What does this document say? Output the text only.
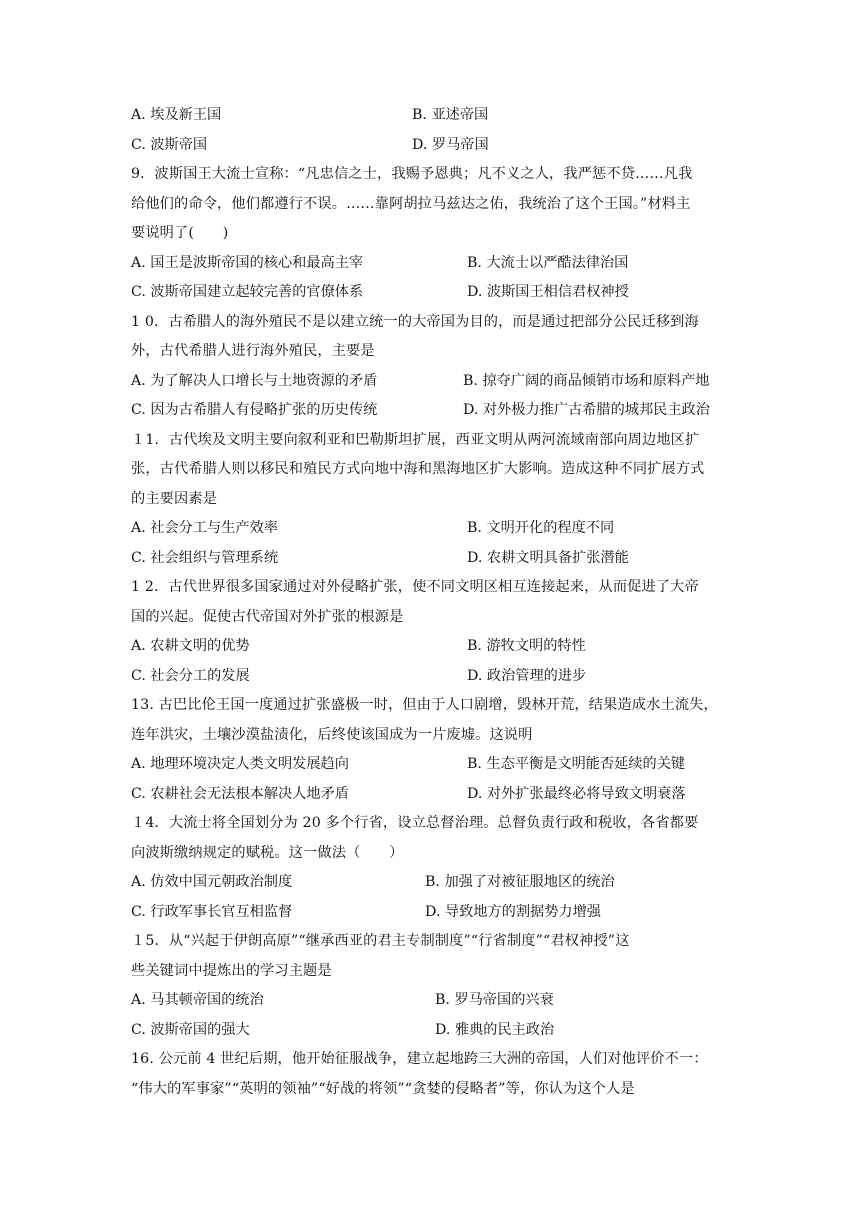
A. 埃及新王国	B. 亚述帝国
C. 波斯帝国	D. 罗马帝国
9．波斯国王大流士宣称：“凡忠信之士，我赐予恩典；凡不义之人，我严惩不贷……凡我
给他们的命令，他们都遵行不误。……靠阿胡拉马兹达之佑，我统治了这个王国。”材料主
要说明了(　　)
A. 国王是波斯帝国的核心和最高主宰	B. 大流士以严酷法律治国
C. 波斯帝国建立起较完善的官僚体系	D. 波斯国王相信君权神授
1 0．古希腊人的海外殖民不是以建立统一的大帝国为目的，而是通过把部分公民迁移到海
外，古代希腊人进行海外殖民，主要是
A. 为了解决人口增长与土地资源的矛盾	B. 掠夺广阔的商品倾销市场和原料产地
C. 因为古希腊人有侵略扩张的历史传统	D. 对外极力推广古希腊的城邦民主政治
１1．古代埃及文明主要向叙利亚和巴勒斯坦扩展，西亚文明从两河流域南部向周边地区扩
张，古代希腊人则以移民和殖民方式向地中海和黑海地区扩大影响。造成这种不同扩展方式
的主要因素是
A. 社会分工与生产效率	B. 文明开化的程度不同
C. 社会组织与管理系统	D. 农耕文明具备扩张潜能
1 2．古代世界很多国家通过对外侵略扩张，使不同文明区相互连接起来，从而促进了大帝
国的兴起。促使古代帝国对外扩张的根源是
A. 农耕文明的优势	B. 游牧文明的特性
C. 社会分工的发展	D. 政治管理的进步
13. 古巴比伦王国一度通过扩张盛极一时，但由于人口剧增，毁林开荒，结果造成水土流失，
连年洪灾，土壤沙漠盐渍化，后终使该国成为一片废墟。这说明
A. 地理环境决定人类文明发展趋向	B. 生态平衡是文明能否延续的关键
C. 农耕社会无法根本解决人地矛盾	D. 对外扩张最终必将导致文明衰落
１4．大流士将全国划分为 20 多个行省，设立总督治理。总督负责行政和税收，各省都要
向波斯缴纳规定的赋税。这一做法（　　）
A. 仿效中国元朝政治制度	B. 加强了对被征服地区的统治
C. 行政军事长官互相监督	D. 导致地方的割据势力增强
１5．从“兴起于伊朗高原”“继承西亚的君主专制制度”“行省制度”“君权神授”这
些关键词中提炼出的学习主题是
A. 马其顿帝国的统治	B. 罗马帝国的兴衰
C. 波斯帝国的强大	D. 雅典的民主政治
16. 公元前 4 世纪后期，他开始征服战争，建立起地跨三大洲的帝国，人们对他评价不一：
“伟大的军事家”“英明的领袖”“好战的将领”“贪婪的侵略者”等，你认为这个人是
